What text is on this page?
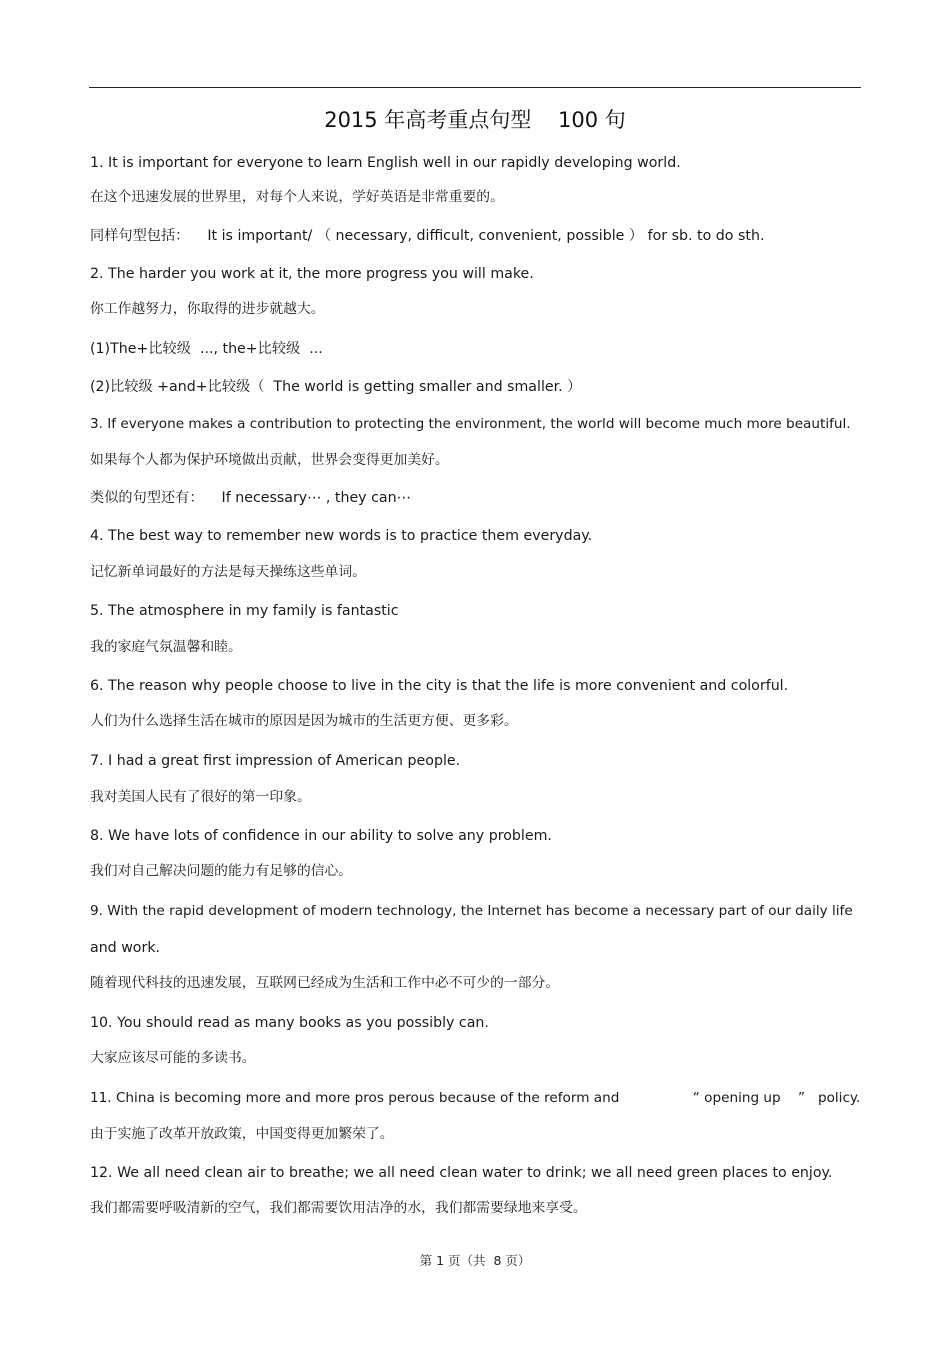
2015 年高考重点句型    100 句
1. It is important for everyone to learn English well in our rapidly developing world.
在这个迅速发展的世界里，对每个人来说，学好英语是非常重要的。
同样句型包括：    It is important/ （ necessary, difficult, convenient, possible ） for sb. to do sth.
2. The harder you work at it, the more progress you will make.
你工作越努力，你取得的进步就越大。
(1)The+比较级  ..., the+比较级  ...
(2)比较级 +and+比较级（  The world is getting smaller and smaller. ）
3. If everyone makes a contribution to protecting the environment, the world will become much more beautiful.
如果每个人都为保护环境做出贡献，世界会变得更加美好。
类似的句型还有：    If necessary⋯ , they can⋯
4. The best way to remember new words is to practice them everyday.
记忆新单词最好的方法是每天操练这些单词。
5. The atmosphere in my family is fantastic
我的家庭气氛温馨和睦。
6. The reason why people choose to live in the city is that the life is more convenient and colorful.
人们为什么选择生活在城市的原因是因为城市的生活更方便、更多彩。
7. I had a great first impression of American people.
我对美国人民有了很好的第一印象。
8. We have lots of confidence in our ability to solve any problem.
我们对自己解决问题的能力有足够的信心。
9. With the rapid development of modern technology, the Internet has become a necessary part of our daily life
and work.
随着现代科技的迅速发展，互联网已经成为生活和工作中必不可少的一部分。
10. You should read as many books as you possibly can.
大家应该尽可能的多读书。
11. China is becoming more and more pros perous because of the reform and                 “ opening up    ”   policy.
由于实施了改革开放政策，中国变得更加繁荣了。
12. We all need clean air to breathe; we all need clean water to drink; we all need green places to enjoy.
我们都需要呼吸清新的空气，我们都需要饮用洁净的水，我们都需要绿地来享受。
第 1 页（共  8 页）
